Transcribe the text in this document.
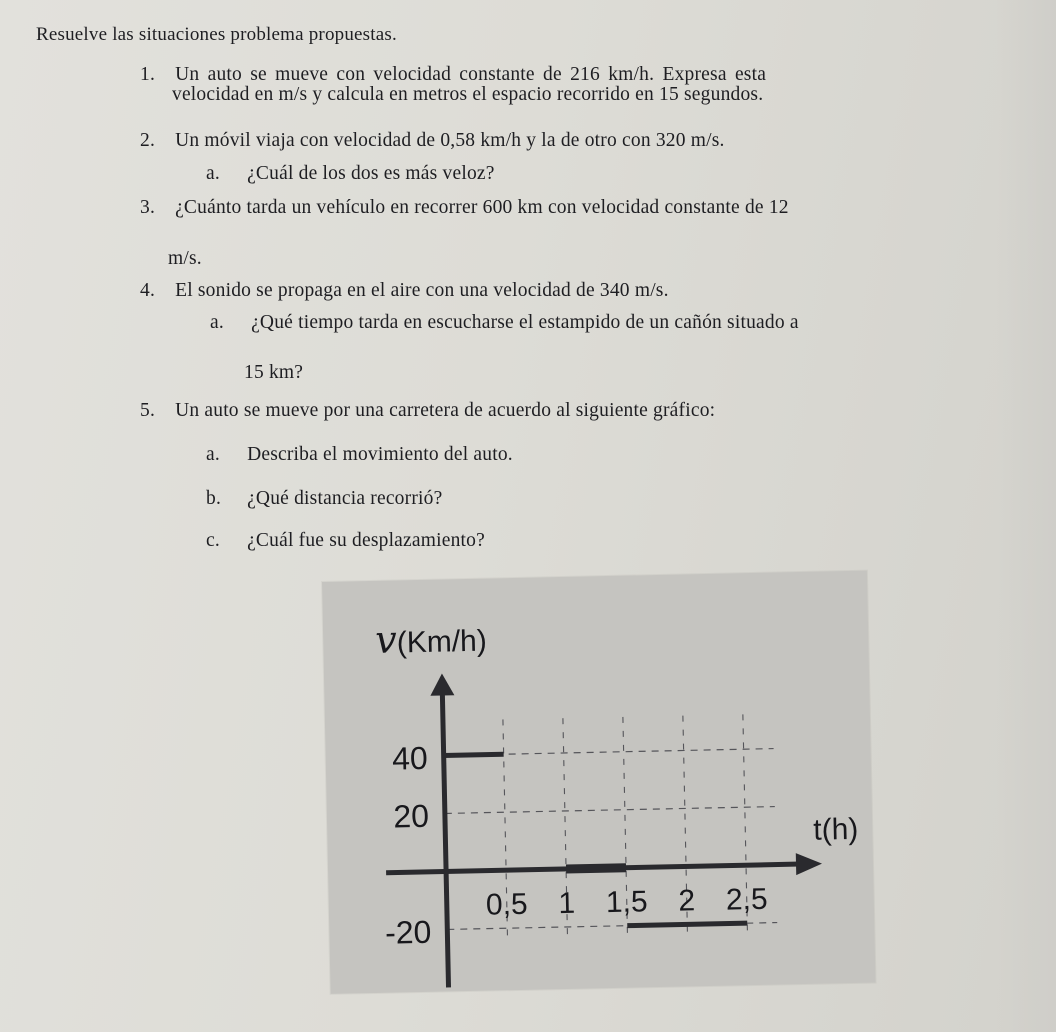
Resuelve las situaciones problema propuestas.
1. Un auto se mueve con velocidad constante de 216 km/h. Expresa esta
velocidad en m/s y calcula en metros el espacio recorrido en 15 segundos.
2. Un móvil viaja con velocidad de 0,58 km/h y la de otro con 320 m/s.
a. ¿Cuál de los dos es más veloz?
3. ¿Cuánto tarda un vehículo en recorrer 600 km con velocidad constante de 12
m/s.
4. El sonido se propaga en el aire con una velocidad de 340 m/s.
a. ¿Qué tiempo tarda en escucharse el estampido de un cañón situado a
15 km?
5. Un auto se mueve por una carretera de acuerdo al siguiente gráfico:
a. Describa el movimiento del auto.
b. ¿Qué distancia recorrió?
c. ¿Cuál fue su desplazamiento?
40
20
-20
0,5 1 1,5 2 2,5
v(Km/h)
t(h)
